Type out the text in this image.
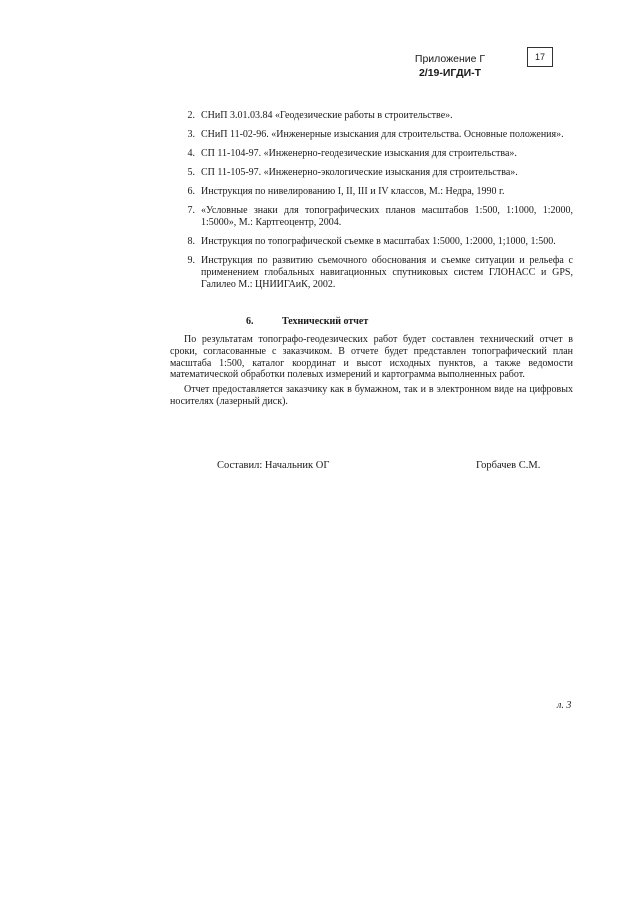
Приложение Г
2/19-ИГДИ-Т
17
2. СНиП 3.01.03.84 «Геодезические работы в строительстве».
3. СНиП 11-02-96. «Инженерные изыскания для строительства. Основные положения».
4. СП 11-104-97. «Инженерно-геодезические изыскания для строительства».
5. СП 11-105-97. «Инженерно-экологические изыскания для строительства».
6. Инструкция по нивелированию I, II, III и IV классов, М.: Недра, 1990 г.
7. «Условные знаки для топографических планов масштабов 1:500, 1:1000, 1:2000, 1:5000», М.: Картгеоцентр, 2004.
8. Инструкция по топографической съемке в масштабах 1:5000, 1:2000, 1;1000, 1:500.
9. Инструкция по развитию съемочного обоснования и съемке ситуации и рельефа с применением глобальных навигационных спутниковых систем ГЛОНАСС и GPS, Галилео М.: ЦНИИГАиК, 2002.
6.	Технический отчет

По результатам топографо-геодезических работ будет составлен технический отчет в сроки, согласованные с заказчиком. В отчете будет представлен топографический план масштаба 1:500, каталог координат и высот исходных пунктов, а также ведомости математической обработки полевых измерений и картограмма выполненных работ.

Отчет предоставляется заказчику как в бумажном, так и в электронном виде на цифровых носителях (лазерный диск).

Составил: Начальник ОГ	Горбачев С.М.
л. 3
